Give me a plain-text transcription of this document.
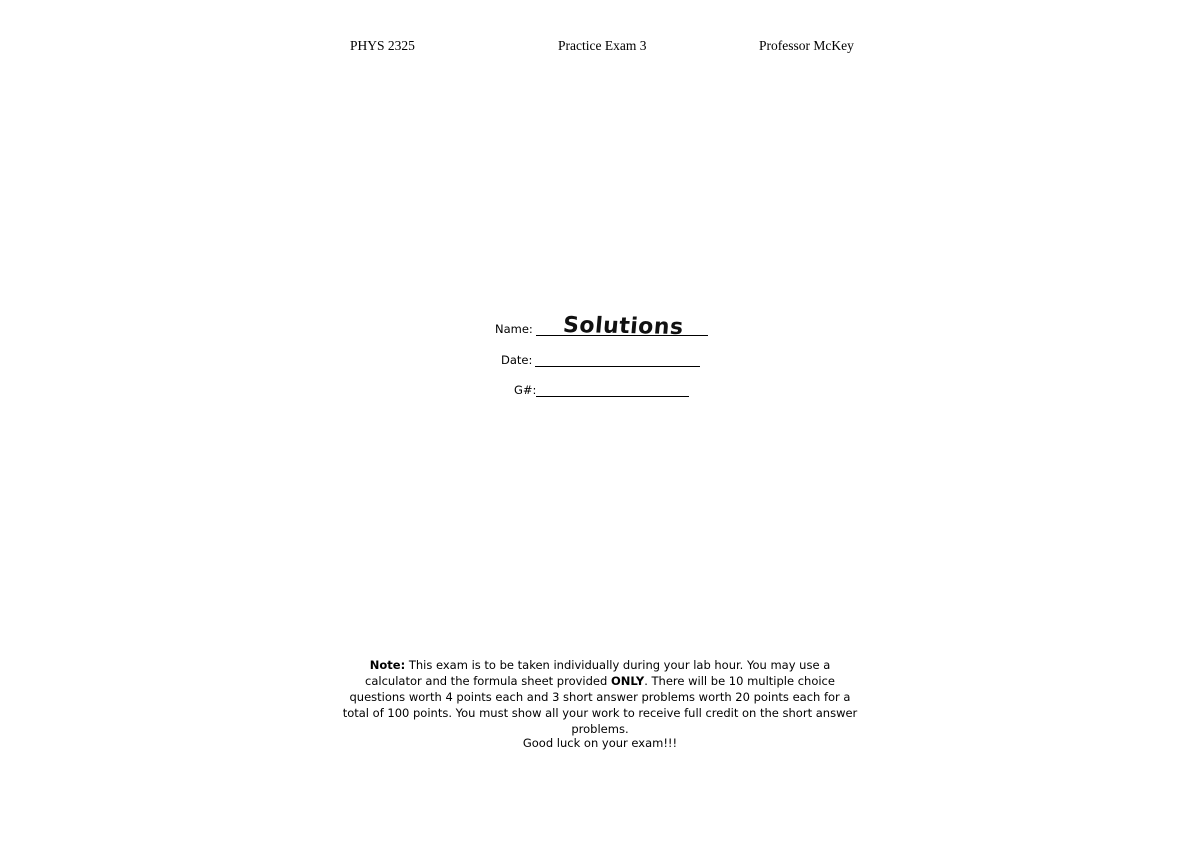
PHYS 2325	Practice Exam 3	Professor McKey
Name: Solutions
Date:
G#:
Note: This exam is to be taken individually during your lab hour. You may use a calculator and the formula sheet provided ONLY. There will be 10 multiple choice questions worth 4 points each and 3 short answer problems worth 20 points each for a total of 100 points. You must show all your work to receive full credit on the short answer problems.
Good luck on your exam!!!
